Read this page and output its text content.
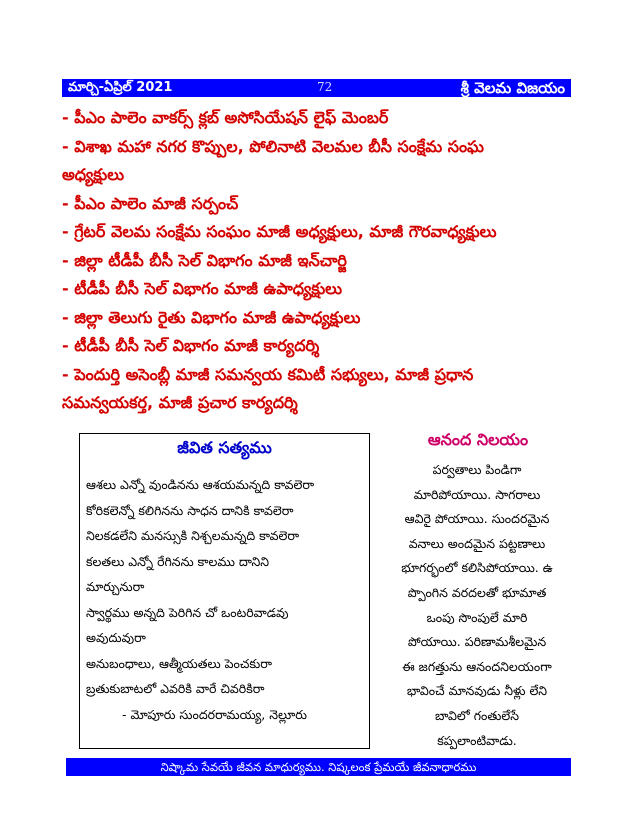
మార్చి-ఏప్రిల్ 2021	72	శ్రీ వెలమ విజయం
- పీఎం పాలెం వాకర్స్ క్లబ్ అసోసియేషన్ లైఫ్ మెంబర్
- విశాఖ మహా నగర కొప్పుల, పోలినాటి వెలమల బీసీ సంక్షేమ సంఘ
అధ్యక్షులు
- పీఎం పాలెం మాజీ సర్పంచ్
- గ్రేటర్ వెలమ సంక్షేమ సంఘం మాజీ అధ్యక్షులు, మాజీ గౌరవాధ్యక్షులు
- జిల్లా టీడీపీ బీసీ సెల్ విభాగం మాజీ ఇన్‌చార్జి
- టీడీపీ బీసీ సెల్ విభాగం మాజీ ఉపాధ్యక్షులు
- జిల్లా తెలుగు రైతు విభాగం మాజీ ఉపాధ్యక్షులు
- టీడీపీ బీసీ సెల్ విభాగం మాజీ కార్యదర్శి
- పెందుర్తి అసెంబ్లీ మాజీ సమన్వయ కమిటీ సభ్యులు, మాజీ ప్రధాన
సమన్వయకర్త, మాజీ ప్రచార కార్యదర్శి
జీవిత సత్యము
ఆశలు ఎన్నో వుండినను ఆశయమన్నది కావలెరా
కోరికలెన్నో కలిగినను సాధన దానికి కావలెరా
నిలకడలేని మనస్సుకి నిశ్చలమన్నది కావలెరా
కలతలు ఎన్నో రేగినను కాలము దానిని
మార్చునురా
స్వార్థము అన్నది పెరిగిన చో ఒంటరివాడవు
అవుదువురా
అనుబంధాలు, ఆత్మీయతలు పెంచకురా
బ్రతుకుబాటలో ఎవరికి వారే చివరికిరా
- మోపూరు సుందరరామయ్య, నెల్లూరు
ఆనంద నిలయం
పర్వతాలు పిండిగా
మారిపోయాయి. సాగరాలు
ఆవిరై పోయాయి. సుందరమైన
వనాలు అందమైన పట్టణాలు
భూగర్భంలో కలిసిపోయాయి. ఉ
ప్పొంగిన వరదలతో భూమాత
ఒంపు సొంపులే మారి
పోయాయి. పరిణామశీలమైన
ఈ జగత్తును ఆనందనిలయంగా
భావించే మానవుడు నీళ్లు లేని
బావిలో గంతులేసే
కప్పలాంటివాడు.
నిష్కామ సేవయే జీవన మాధుర్యము. నిష్కలంక ప్రేమయే జీవనాధారము
